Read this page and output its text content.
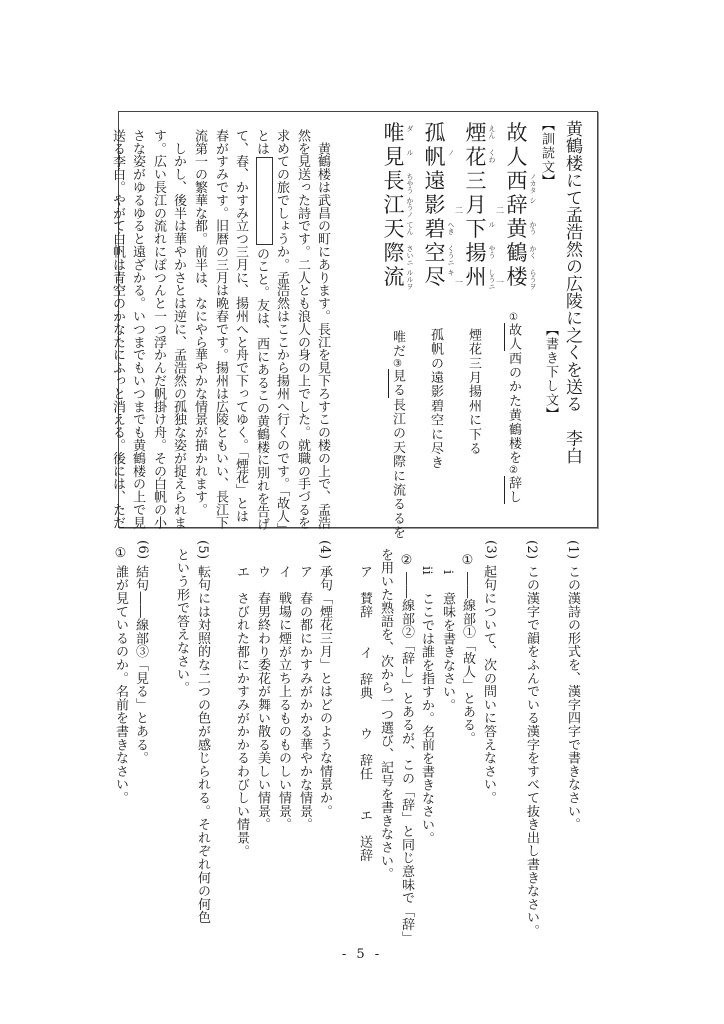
黄鶴楼にて孟浩然の広陵に之くを送る　李白
【訓読文】
【書き下し文】
故
人
西 ノカタ
辞 シ
二
黄 かう
鶴 かく
楼 らうヲ
一
煙 えん
花 くわ
三
月
二
下 ル
揚 やう
州 しうニ
一
孤
帆 ノ
遠
影
碧 へき
空 くうニ
尽 キ
唯 ダ
見 ル
長 ちやう
江 かうノ
天 てん
際 さいニ
流 ルルヲ
①故人西のかた黄鶴楼を②辞し
煙花三月揚州に下る
孤帆の遠影碧空に尽き
唯だ③見る長江の天際に流るるを
　黄鶴楼は武昌の町にあります。長江を見下ろすこの楼の上で、孟浩
然を見送った詩です。二人とも浪人の身の上でした。就職の手づるを
求めての旅でしょうか。孟浩然はここから揚州へ行くのです。「故人」
とはのこと。友は、西にあるこの黄鶴楼に別れを告げ
て、春、かすみ立つ三月に、揚州へと舟で下ってゆく。「煙花」とは
春がすみです。旧暦の三月は晩春です。揚州は広陵ともいい、長江下
流第一の繁華な都。前半は、なにやら華やかな情景が描かれます。
　しかし、後半は華やかさとは逆に、孟浩然の孤独な姿が捉えられま
す。広い長江の流れにぽつんと一つ浮かんだ帆掛け舟。その白帆の小
さな姿がゆるゆると遠ざかる。いつまでもいつまでも黄鶴楼の上で見
送る李白。やがて白帆は青空のかなたにふっと消える。後には、ただ
(1)
この漢詩の形式を、漢字四字で書きなさい。
(2)
この漢字で韻をふんでいる漢字をすべて抜き出し書きなさい。
(3)
起句について、次の問いに答えなさい。
①
――線部①「故人」とある。
i
意味を書きなさい。
ii
ここでは誰を指すか。名前を書きなさい。
②
――線部②「辞し」とあるが、この「辞」と同じ意味で「辞」
を用いた熟語を、次から一つ選び、記号を書きなさい。
ア　賛辞イ　辞典ウ　辞任エ　送辞
(4)
承句「煙花三月」とはどのような情景か。
ア　春の都にかすみがかかる華やかな情景。
イ　戦場に煙が立ち上るものものしい情景。
ウ　春男終わり委花が舞い散る美しい情景。
エ　さびれた都にかすみがかかるわびしい情景。
(5)
転句には対照的な二つの色が感じられる。それぞれ何の何色
という形で答えなさい。
(6)
結句――線部③「見る」とある。
①
誰が見ているのか。名前を書きなさい。
- 5 -
